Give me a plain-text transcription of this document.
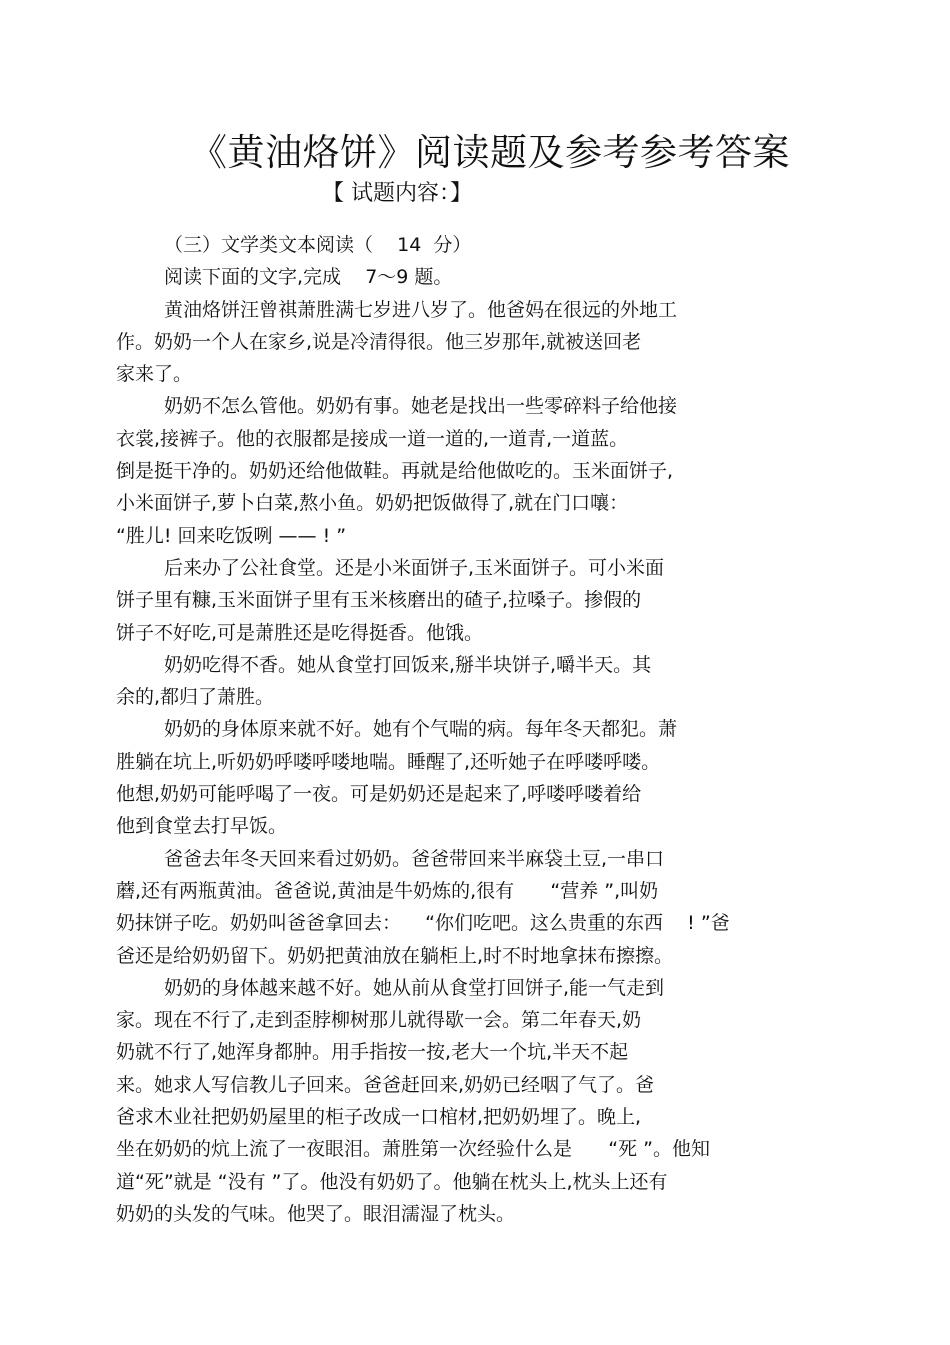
《黄油烙饼》阅读题及参考参考答案
【 试题内容：】
（三）文学类文本阅读（    14  分）
阅读下面的文字,完成    7～9 题。
黄油烙饼汪曾祺萧胜满七岁进八岁了。他爸妈在很远的外地工
作。奶奶一个人在家乡,说是冷清得很。他三岁那年,就被送回老
家来了。
奶奶不怎么管他。奶奶有事。她老是找出一些零碎料子给他接
衣裳,接裤子。他的衣服都是接成一道一道的,一道青,一道蓝。
倒是挺干净的。奶奶还给他做鞋。再就是给他做吃的。玉米面饼子,
小米面饼子,萝卜白菜,熬小鱼。奶奶把饭做得了,就在门口嚷：
“胜儿! 回来吃饭咧 —— ! ”
后来办了公社食堂。还是小米面饼子,玉米面饼子。可小米面
饼子里有糠,玉米面饼子里有玉米核磨出的碴子,拉嗓子。掺假的
饼子不好吃,可是萧胜还是吃得挺香。他饿。
奶奶吃得不香。她从食堂打回饭来,掰半块饼子,嚼半天。其
余的,都归了萧胜。
奶奶的身体原来就不好。她有个气喘的病。每年冬天都犯。萧
胜躺在坑上,听奶奶呼喽呼喽地喘。睡醒了,还听她子在呼喽呼喽。
他想,奶奶可能呼喝了一夜。可是奶奶还是起来了,呼喽呼喽着给
他到食堂去打早饭。
爸爸去年冬天回来看过奶奶。爸爸带回来半麻袋土豆,一串口
蘑,还有两瓶黄油。爸爸说,黄油是牛奶炼的,很有      “营养 ”,叫奶
奶抹饼子吃。奶奶叫爸爸拿回去：    “你们吃吧。这么贵重的东西    ! ”爸
爸还是给奶奶留下。奶奶把黄油放在躺柜上,时不时地拿抹布擦擦。
奶奶的身体越来越不好。她从前从食堂打回饼子,能一气走到
家。现在不行了,走到歪脖柳树那儿就得歇一会。第二年春天,奶
奶就不行了,她浑身都肿。用手指按一按,老大一个坑,半天不起
来。她求人写信教儿子回来。爸爸赶回来,奶奶已经咽了气了。爸
爸求木业社把奶奶屋里的柜子改成一口棺材,把奶奶埋了。晚上,
坐在奶奶的炕上流了一夜眼泪。萧胜第一次经验什么是      “死 ”。他知
道“死”就是 “没有 ”了。他没有奶奶了。他躺在枕头上,枕头上还有
奶奶的头发的气味。他哭了。眼泪濡湿了枕头。
